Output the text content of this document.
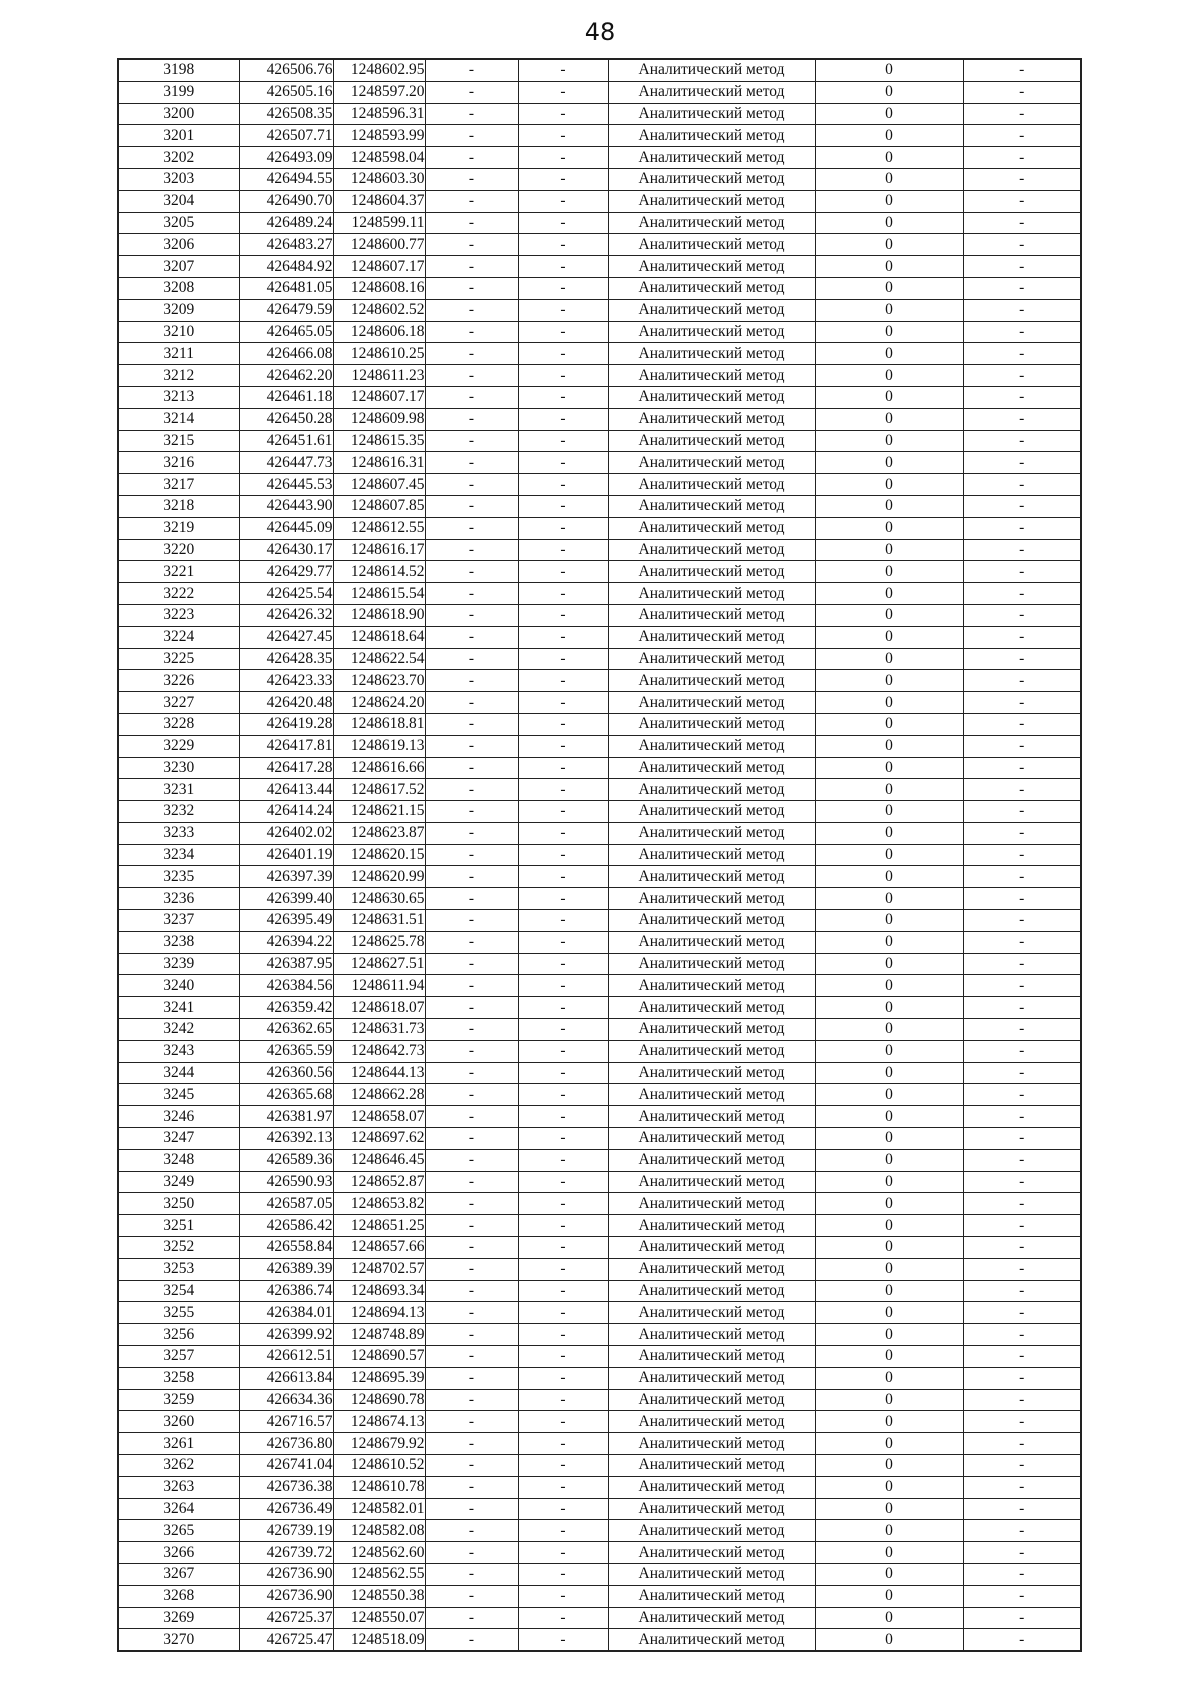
48
3198	426506.76	1248602.95	-	-	Аналитический метод	0	-
3199	426505.16	1248597.20	-	-	Аналитический метод	0	-
3200	426508.35	1248596.31	-	-	Аналитический метод	0	-
3201	426507.71	1248593.99	-	-	Аналитический метод	0	-
3202	426493.09	1248598.04	-	-	Аналитический метод	0	-
3203	426494.55	1248603.30	-	-	Аналитический метод	0	-
3204	426490.70	1248604.37	-	-	Аналитический метод	0	-
3205	426489.24	1248599.11	-	-	Аналитический метод	0	-
3206	426483.27	1248600.77	-	-	Аналитический метод	0	-
3207	426484.92	1248607.17	-	-	Аналитический метод	0	-
3208	426481.05	1248608.16	-	-	Аналитический метод	0	-
3209	426479.59	1248602.52	-	-	Аналитический метод	0	-
3210	426465.05	1248606.18	-	-	Аналитический метод	0	-
3211	426466.08	1248610.25	-	-	Аналитический метод	0	-
3212	426462.20	1248611.23	-	-	Аналитический метод	0	-
3213	426461.18	1248607.17	-	-	Аналитический метод	0	-
3214	426450.28	1248609.98	-	-	Аналитический метод	0	-
3215	426451.61	1248615.35	-	-	Аналитический метод	0	-
3216	426447.73	1248616.31	-	-	Аналитический метод	0	-
3217	426445.53	1248607.45	-	-	Аналитический метод	0	-
3218	426443.90	1248607.85	-	-	Аналитический метод	0	-
3219	426445.09	1248612.55	-	-	Аналитический метод	0	-
3220	426430.17	1248616.17	-	-	Аналитический метод	0	-
3221	426429.77	1248614.52	-	-	Аналитический метод	0	-
3222	426425.54	1248615.54	-	-	Аналитический метод	0	-
3223	426426.32	1248618.90	-	-	Аналитический метод	0	-
3224	426427.45	1248618.64	-	-	Аналитический метод	0	-
3225	426428.35	1248622.54	-	-	Аналитический метод	0	-
3226	426423.33	1248623.70	-	-	Аналитический метод	0	-
3227	426420.48	1248624.20	-	-	Аналитический метод	0	-
3228	426419.28	1248618.81	-	-	Аналитический метод	0	-
3229	426417.81	1248619.13	-	-	Аналитический метод	0	-
3230	426417.28	1248616.66	-	-	Аналитический метод	0	-
3231	426413.44	1248617.52	-	-	Аналитический метод	0	-
3232	426414.24	1248621.15	-	-	Аналитический метод	0	-
3233	426402.02	1248623.87	-	-	Аналитический метод	0	-
3234	426401.19	1248620.15	-	-	Аналитический метод	0	-
3235	426397.39	1248620.99	-	-	Аналитический метод	0	-
3236	426399.40	1248630.65	-	-	Аналитический метод	0	-
3237	426395.49	1248631.51	-	-	Аналитический метод	0	-
3238	426394.22	1248625.78	-	-	Аналитический метод	0	-
3239	426387.95	1248627.51	-	-	Аналитический метод	0	-
3240	426384.56	1248611.94	-	-	Аналитический метод	0	-
3241	426359.42	1248618.07	-	-	Аналитический метод	0	-
3242	426362.65	1248631.73	-	-	Аналитический метод	0	-
3243	426365.59	1248642.73	-	-	Аналитический метод	0	-
3244	426360.56	1248644.13	-	-	Аналитический метод	0	-
3245	426365.68	1248662.28	-	-	Аналитический метод	0	-
3246	426381.97	1248658.07	-	-	Аналитический метод	0	-
3247	426392.13	1248697.62	-	-	Аналитический метод	0	-
3248	426589.36	1248646.45	-	-	Аналитический метод	0	-
3249	426590.93	1248652.87	-	-	Аналитический метод	0	-
3250	426587.05	1248653.82	-	-	Аналитический метод	0	-
3251	426586.42	1248651.25	-	-	Аналитический метод	0	-
3252	426558.84	1248657.66	-	-	Аналитический метод	0	-
3253	426389.39	1248702.57	-	-	Аналитический метод	0	-
3254	426386.74	1248693.34	-	-	Аналитический метод	0	-
3255	426384.01	1248694.13	-	-	Аналитический метод	0	-
3256	426399.92	1248748.89	-	-	Аналитический метод	0	-
3257	426612.51	1248690.57	-	-	Аналитический метод	0	-
3258	426613.84	1248695.39	-	-	Аналитический метод	0	-
3259	426634.36	1248690.78	-	-	Аналитический метод	0	-
3260	426716.57	1248674.13	-	-	Аналитический метод	0	-
3261	426736.80	1248679.92	-	-	Аналитический метод	0	-
3262	426741.04	1248610.52	-	-	Аналитический метод	0	-
3263	426736.38	1248610.78	-	-	Аналитический метод	0	-
3264	426736.49	1248582.01	-	-	Аналитический метод	0	-
3265	426739.19	1248582.08	-	-	Аналитический метод	0	-
3266	426739.72	1248562.60	-	-	Аналитический метод	0	-
3267	426736.90	1248562.55	-	-	Аналитический метод	0	-
3268	426736.90	1248550.38	-	-	Аналитический метод	0	-
3269	426725.37	1248550.07	-	-	Аналитический метод	0	-
3270	426725.47	1248518.09	-	-	Аналитический метод	0	-
